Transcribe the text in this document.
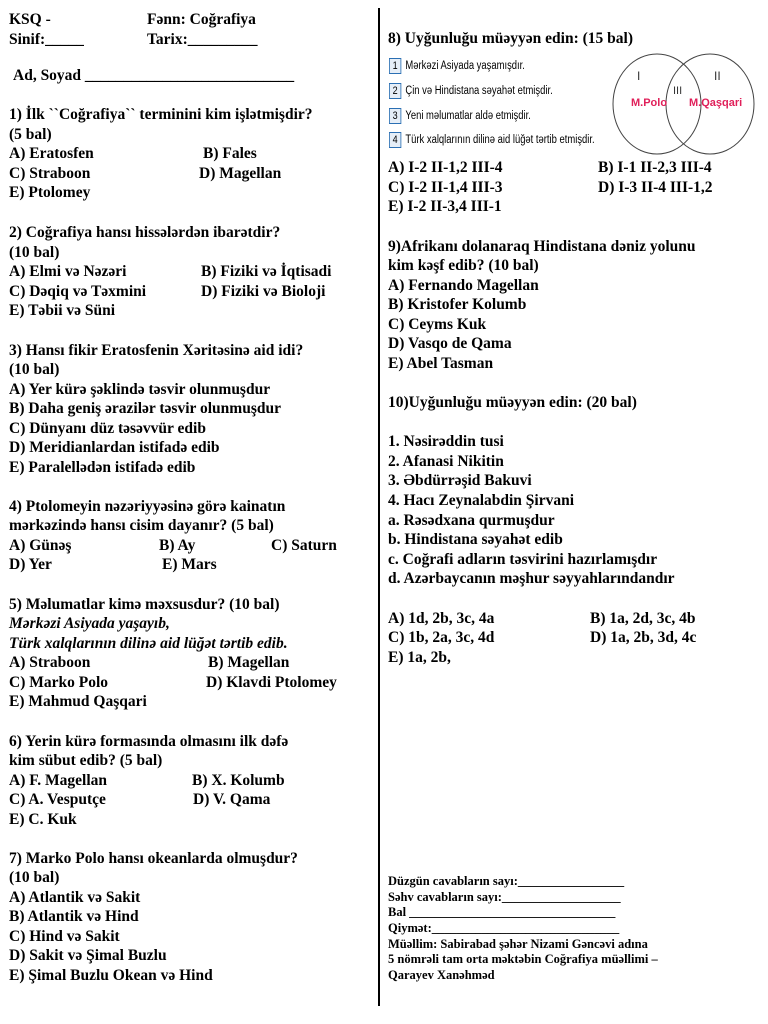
KSQ -	Fənn: Coğrafiya
Sinif:_____	Tarix:_________
Ad, Soyad ___________________________
1) İlk ``Coğrafiya`` terminini kim işlətmişdir?
(5 bal)
A) Eratosfen	B) Fales
C) Straboon	D) Magellan
E) Ptolomey
2) Coğrafiya hansı hissələrdən ibarətdir?
(10 bal)
A) Elmi və Nəzəri	B) Fiziki və İqtisadi
C) Dəqiq və Təxmini	D) Fiziki və Bioloji
E) Təbii və Süni
3) Hansı fikir Eratosfenin Xəritəsinə aid idi?
(10 bal)
A) Yer kürə şəklində təsvir olunmuşdur
B) Daha geniş ərazilər təsvir olunmuşdur
C) Dünyanı düz təsəvvür edib
D) Meridianlardan istifadə edib
E) Paralellədən istifadə edib
4) Ptolomeyin nəzəriyyəsinə görə kainatın
mərkəzində hansı cisim dayanır? (5 bal)
A) Günəş	B) Ay	C) Saturn
D) Yer	E) Mars
5) Məlumatlar kimə məxsusdur? (10 bal)
Mərkəzi Asiyada yaşayıb,
Türk xalqlarının dilinə aid lüğət tərtib edib.
A) Straboon	B) Magellan
C) Marko Polo	D) Klavdi Ptolomey
E) Mahmud Qaşqari
6) Yerin kürə formasında olmasını ilk dəfə
kim sübut edib? (5 bal)
A) F. Magellan	B) X. Kolumb
C) A. Vesputçe	D) V. Qama
E) C. Kuk
7) Marko Polo hansı okeanlarda olmuşdur?
(10 bal)
A) Atlantik və Sakit
B) Atlantik və Hind
C) Hind və Sakit
D) Sakit və Şimal Buzlu
E) Şimal Buzlu Okean və Hind
8) Uyğunluğu müəyyən edin: (15 bal)
1 Mərkəzi Asiyada yaşamışdır.
2 Çin və Hindistana səyahət etmişdir.
3 Yeni məlumatlar aldə etmişdir.
4 Türk xalqlarının dilinə aid lüğət tərtib etmişdir.
I	II
III
M.Polo M.Qaşqari
A) I-2 II-1,2 III-4	B) I-1 II-2,3 III-4
C) I-2 II-1,4 III-3	D) I-3 II-4 III-1,2
E) I-2 II-3,4 III-1
9)Afrikanı dolanaraq Hindistana dəniz yolunu
kim kəşf edib? (10 bal)
A) Fernando Magellan
B) Kristofer Kolumb
C) Ceyms Kuk
D) Vasqo de Qama
E) Abel Tasman
10)Uyğunluğu müəyyən edin: (20 bal)
1. Nəsirəddin tusi
2. Afanasi Nikitin
3. Əbdürrəşid Bakuvi
4. Hacı Zeynalabdin Şirvani
a. Rəsədxana qurmuşdur
b. Hindistana səyahət edib
c. Coğrafi adların təsvirini hazırlamışdır
d. Azərbaycanın məşhur səyyahlarındandır
A) 1d, 2b, 3c, 4a	B) 1a, 2d, 3c, 4b
C) 1b, 2a, 3c, 4d	D) 1a, 2b, 3d, 4c
E) 1a, 2b,
Düzgün cavabların sayı:_________________
Səhv cavabların sayı:___________________
Bal _________________________________
Qiymət:______________________________
Müəllim: Sabirabad şəhər Nizami Gəncəvi adına
5 nömrəli tam orta məktəbin Coğrafiya müəllimi –
Qarayev Xanəhməd
